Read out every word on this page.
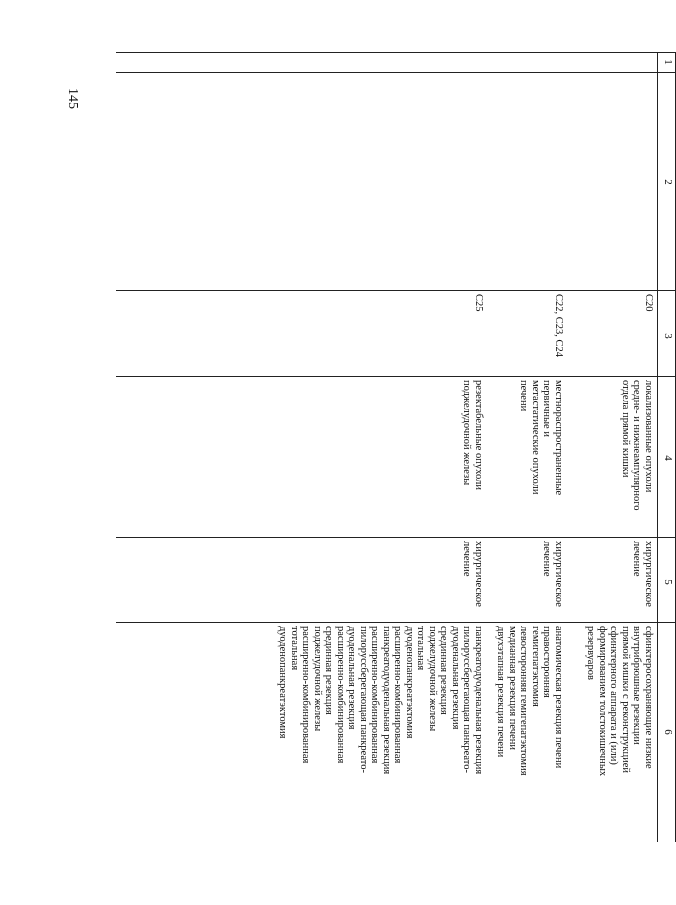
145
1
2
3
4
5
6
C20
локализованные опухоли
средне- и нижнеампулярного
отдела прямой кишки
хирургическое
лечение
сфинктеросохраняющие низкие
внутрибрюшные резекции
прямой кишки с реконструкцией
сфинктерного аппарата и (или)
формированием толстокишечных
резервуаров
C22, C23, C24
местнораспространенные
первичные и
метастатические опухоли
печени
хирургическое
лечение
анатомическая резекция печени
правосторонняя
гемигепатэктомия
левосторонняя гемигепатэктомия
медианная резекция печени
двухэтапная резекция печени
C25
резектабельные опухоли
поджелудочной железы
хирургическое
лечение
панкреатодуоденальная резекция
пилоруссберегающая панкреато-
дуоденальная резекция
срединная резекция
поджелудочной железы
тотальная
дуоденопанкреатэктомия
расширенно-комбинированная
панкреатодуоденальная резекция
расширенно-комбинированная
пилоруссберегающая панкреато-
дуоденальная резекция
расширенно-комбинированная
срединная резекция
поджелудочной железы
расширенно-комбинированная
тотальная
дуоденопанкреатэктомия
